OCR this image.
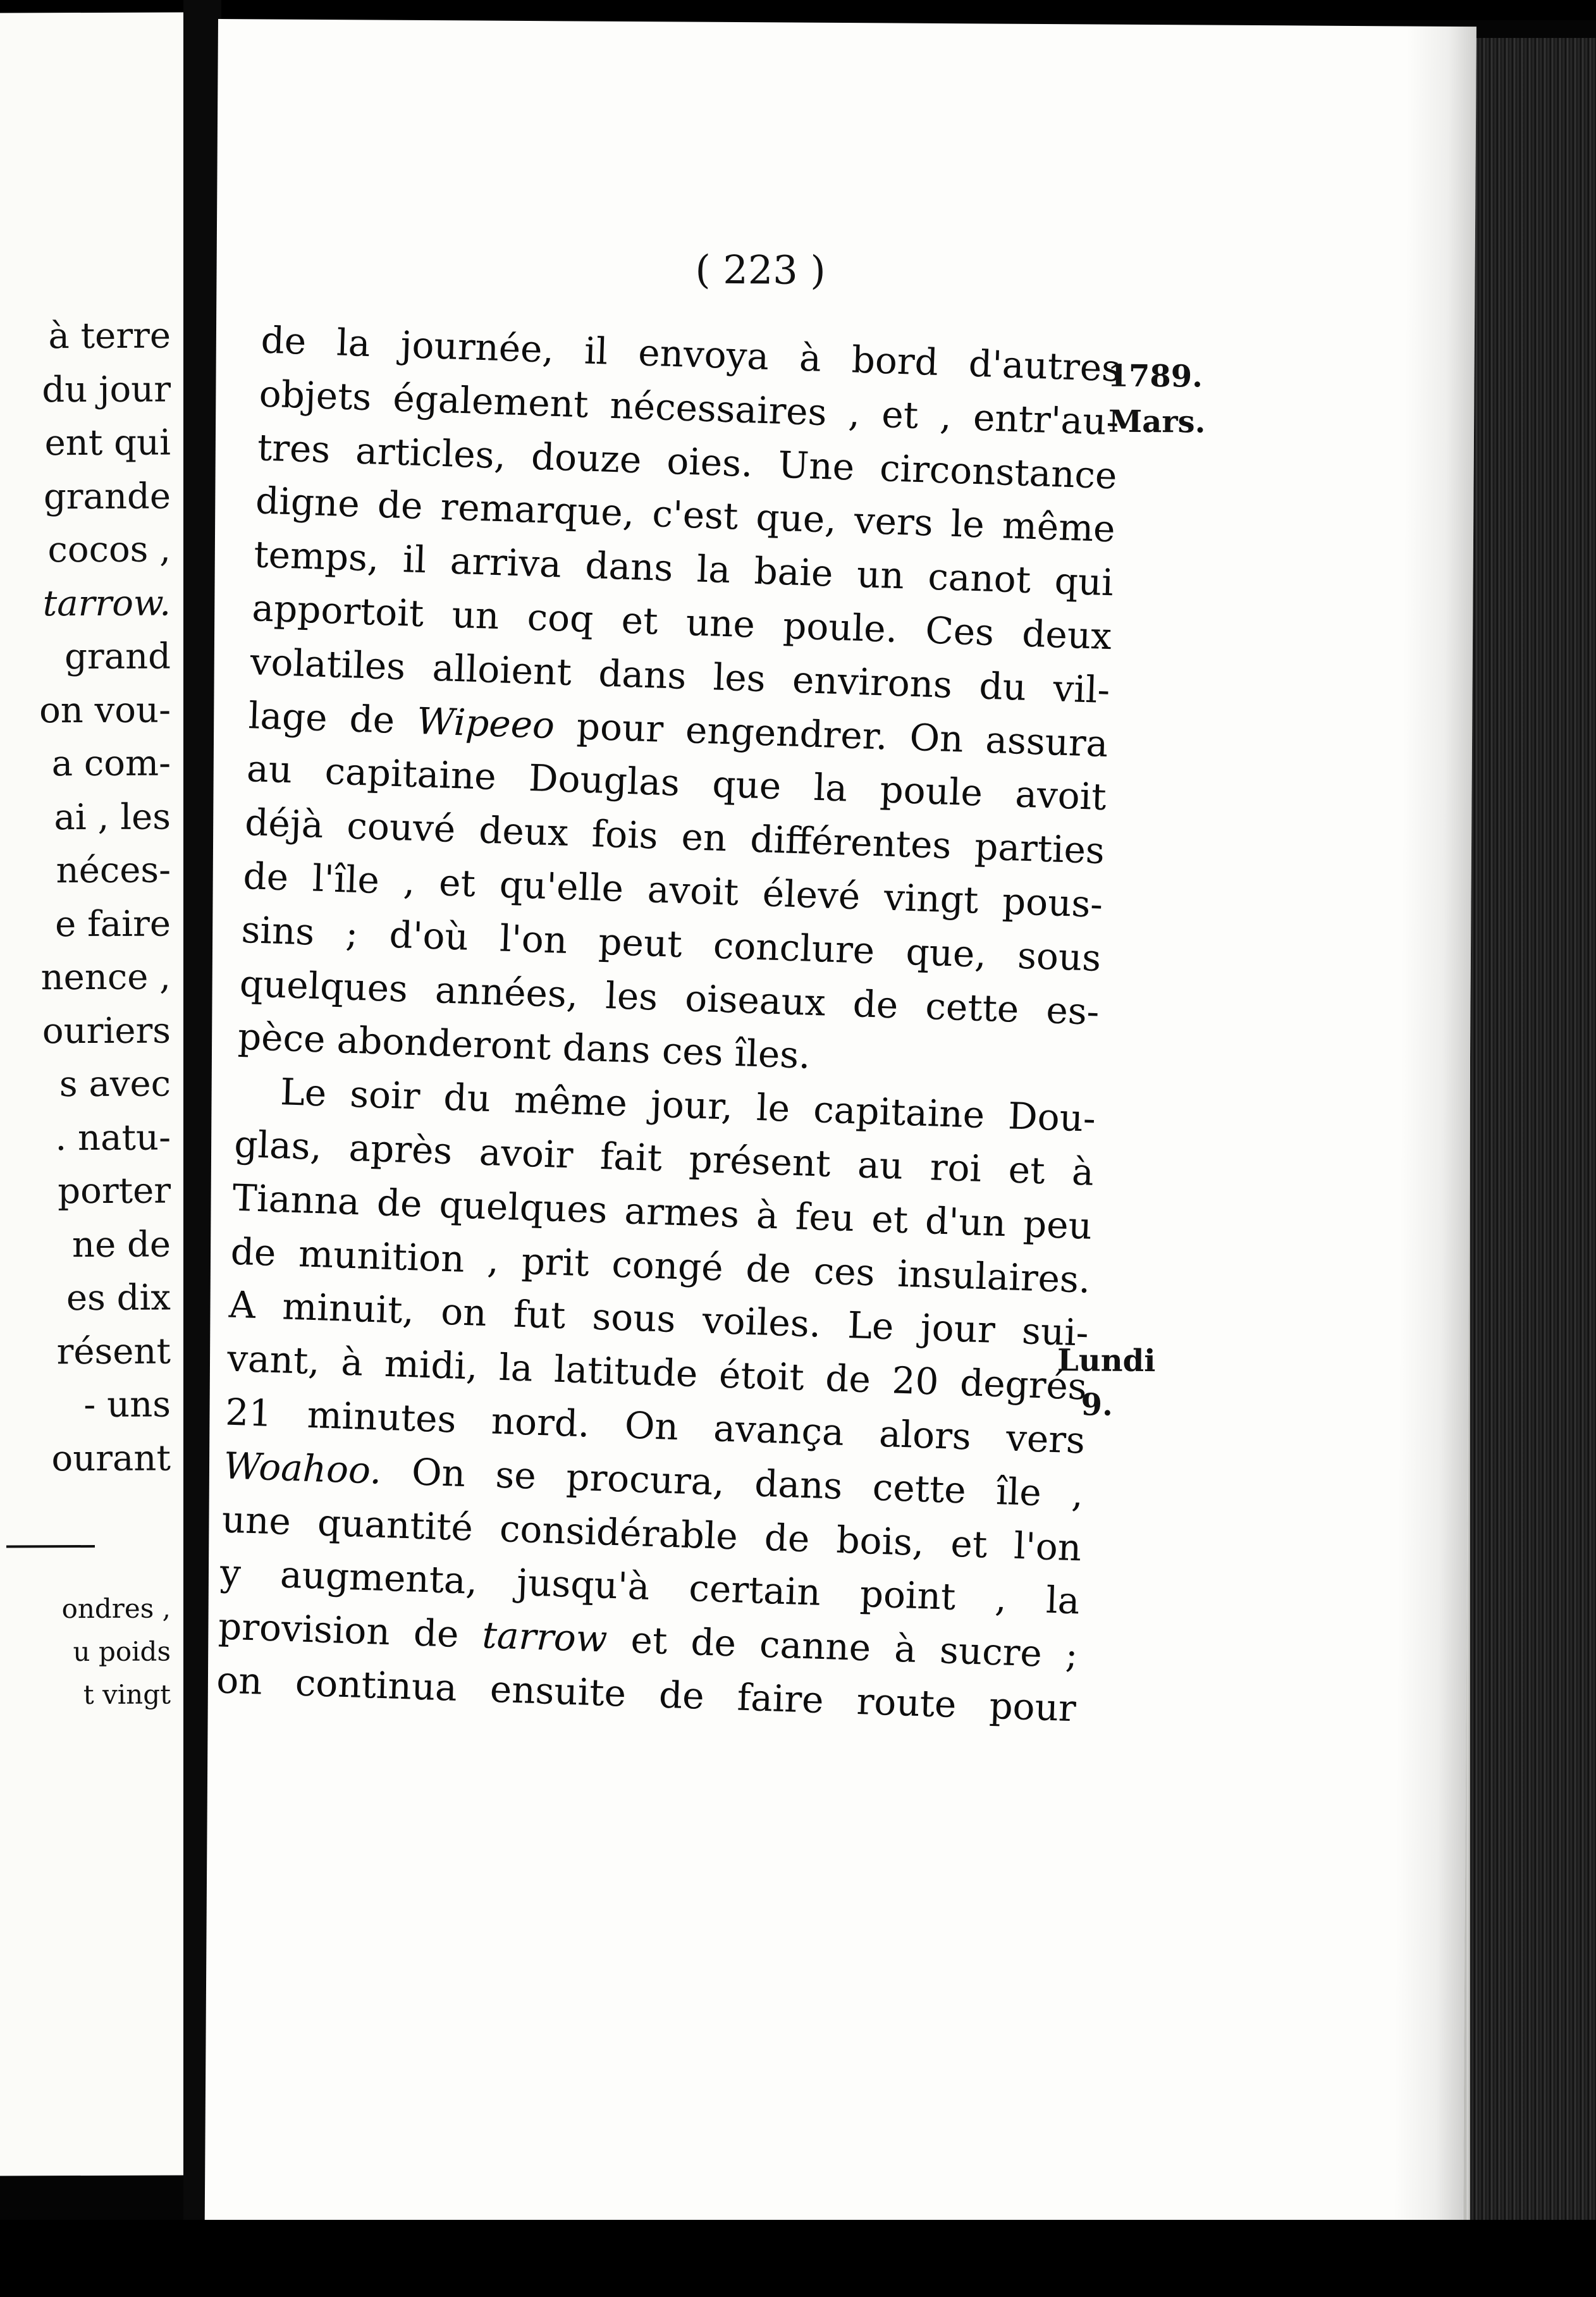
à terre
du jour
ent qui
grande
cocos ,
tarrow.
grand
on vou-
a com-
ai , les
néces-
e faire
nence ,
ouriers
s avec
. natu-
porter
ne de
es dix
résent
- uns
ourant
ondres ,
u poids
t vingt
( 223 )
de la journée, il envoya à bord d'autres
objets également nécessaires , et , entr'au-
tres articles, douze oies. Une circonstance
digne de remarque, c'est que, vers le même
temps, il arriva dans la baie un canot qui
apportoit un coq et une poule. Ces deux
volatiles alloient dans les environs du vil-
lage de Wipeeo pour engendrer. On assura
au capitaine Douglas que la poule avoit
déjà couvé deux fois en différentes parties
de l'île , et qu'elle avoit élevé vingt pous-
sins ; d'où l'on peut conclure que, sous
quelques années, les oiseaux de cette es-
pèce abonderont dans ces îles.
Le soir du même jour, le capitaine Dou-
glas, après avoir fait présent au roi et à
Tianna de quelques armes à feu et d'un peu
de munition , prit congé de ces insulaires.
A minuit, on fut sous voiles. Le jour sui-
vant, à midi, la latitude étoit de 20 degrés
21 minutes nord. On avança alors vers
Woahoo. On se procura, dans cette île ,
une quantité considérable de bois, et l'on
y augmenta, jusqu'à certain point , la
provision de tarrow et de canne à sucre ;
on continua ensuite de faire route pour
1789.
Mars.
Lundi
9.
